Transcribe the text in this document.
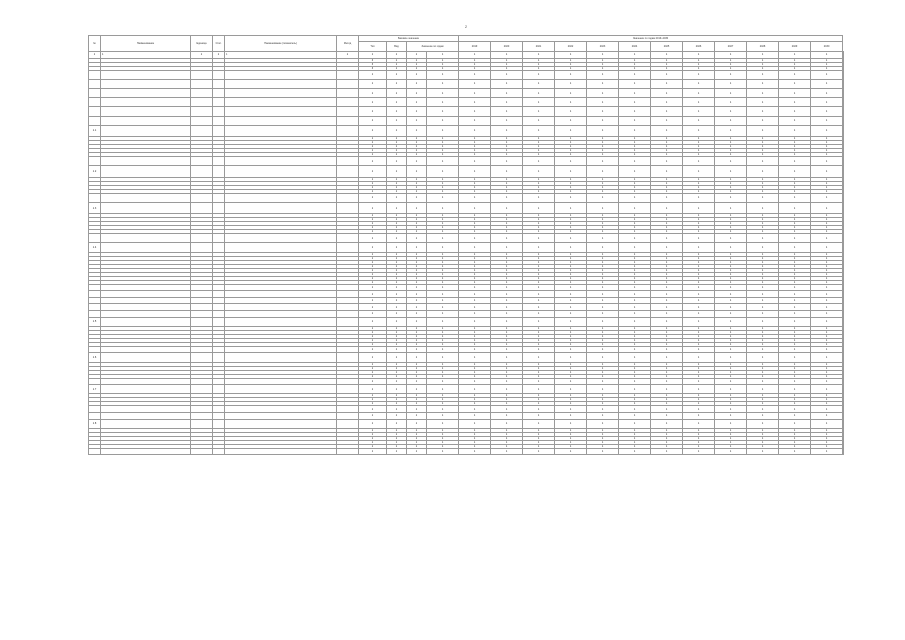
2
№	Наименование	Единица	Стат.	Наименование (показатель)	Метод	Базовое значение				Значение по годам 2019–2030												
						Тип	Вид	Значение по годам		2019	2020	2021	2022	2023	2024	2025	2026	2027	2028	2029	2030	
1	1	1	1	1	1	1	1	1	1	1	1	1	1	1	1	1	1	1	1	1	1	
						3	1	1	1	1	1	1	1	1	1	1	1	1	1	1	1	
						3	1	1	1	1	1	1	1	1	1	1	1	1	1	1	1	
						3	1	1	1	1	1	1	1	1	1	1	1	1	1	1	1	
						1	1	1	1	1	1	1	1	1	1	1	1	1	1	1	1	
						1	1	1	1	1	1	1	1	1	1	1	1	1	1	1	1	
						1	1	1	1	1	1	1	1	1	1	1	1	1	1	1	1	
						1	1	1	1	1	1	1	1	1	1	1	1	1	1	1	1	
						1	1	1	1	1	1	1	1	1	1	1	1	1	1	1	1	
						1	1	1	1	1	1	1	1	1	1	1	1	1	1	1	1	
1.1						1	1	1	1	1	1	1	1	1	1	1	1	1	1	1	1	
						1	1	1	1	1	1	1	1	1	1	1	1	1	1	1	1	
						1	1	1	1	1	1	1	1	1	1	1	1	1	1	1	1	
						1	1	1	1	1	1	1	1	1	1	1	1	1	1	1	1	
						1	1	1	1	1	1	1	1	1	1	1	1	1	1	1	1	
						1	1	1	1	1	1	1	1	1	1	1	1	1	1	1	1	
						1	1	1	1	1	1	1	1	1	1	1	1	1	1	1	1	
1.2						1	1	1	1	1	1	1	1	1	1	1	1	1	1	1	1	
						1	1	1	1	1	1	1	1	1	1	1	1	1	1	1	1	
						1	1	1	1	1	1	1	1	1	1	1	1	1	1	1	1	
						1	1	1	1	1	1	1	1	1	1	1	1	1	1	1	1	
						1	1	1	1	1	1	1	1	1	1	1	1	1	1	1	1	
						1	1	1	1	1	1	1	1	1	1	1	1	1	1	1	1	
1.3						1	1	1	1	1	1	1	1	1	1	1	1	1	1	1	1	
						1	1	1	1	1	1	1	1	1	1	1	1	1	1	1	1	
						1	1	1	1	1	1	1	1	1	1	1	1	1	1	1	1	
						1	1	1	1	1	1	1	1	1	1	1	1	1	1	1	1	
						1	1	1	1	1	1	1	1	1	1	1	1	1	1	1	1	
						1	1	1	1	1	1	1	1	1	1	1	1	1	1	1	1	
						1	1	1	1	1	1	1	1	1	1	1	1	1	1	1	1	
1.4						1	1	1	1	1	1	1	1	1	1	1	1	1	1	1	1	
						1	1	1	1	1	1	1	1	1	1	1	1	1	1	1	1	
						1	1	1	1	1	1	1	1	1	1	1	1	1	1	1	1	
						1	1	1	1	1	1	1	1	1	1	1	1	1	1	1	1	
						1	1	1	1	1	1	1	1	1	1	1	1	1	1	1	1	
						1	1	1	1	1	1	1	1	1	1	1	1	1	1	1	1	
						1	1	1	1	1	1	1	1	1	1	1	1	1	1	1	1	
						1	1	1	1	1	1	1	1	1	1	1	1	1	1	1	1	
						1	1	1	1	1	1	1	1	1	1	1	1	1	1	1	1	
						1	1	1	1	1	1	1	1	1	1	1	1	1	1	1	1	
						1	1	1	1	1	1	1	1	1	1	1	1	1	1	1	1	
						1	1	1	1	1	1	1	1	1	1	1	1	1	1	1	1	
						1	1	1	1	1	1	1	1	1	1	1	1	1	1	1	1	
						1	1	1	1	1	1	1	1	1	1	1	1	1	1	1	1	
1.5						1	1	1	1	1	1	1	1	1	1	1	1	1	1	1	1	
						1	1	1	1	1	1	1	1	1	1	1	1	1	1	1	1	
						1	1	1	1	1	1	1	1	1	1	1	1	1	1	1	1	
						1	1	1	1	1	1	1	1	1	1	1	1	1	1	1	1	
						1	1	1	1	1	1	1	1	1	1	1	1	1	1	1	1	
						1	1	1	1	1	1	1	1	1	1	1	1	1	1	1	1	
						1	1	1	1	1	1	1	1	1	1	1	1	1	1	1	1	
1.6						1	1	1	1	1	1	1	1	1	1	1	1	1	1	1	1	
						1	1	1	1	1	1	1	1	1	1	1	1	1	1	1	1	
						1	1	1	1	1	1	1	1	1	1	1	1	1	1	1	1	
						1	1	1	1	1	1	1	1	1	1	1	1	1	1	1	1	
						1	1	1	1	1	1	1	1	1	1	1	1	1	1	1	1	
						1	1	1	1	1	1	1	1	1	1	1	1	1	1	1	1	
1.7						1	1	1	1	1	1	1	1	1	1	1	1	1	1	1	1	
						1	1	1	1	1	1	1	1	1	1	1	1	1	1	1	1	
						1	1	1	1	1	1	1	1	1	1	1	1	1	1	1	1	
						1	1	1	1	1	1	1	1	1	1	1	1	1	1	1	1	
						1	1	1	1	1	1	1	1	1	1	1	1	1	1	1	1	
						1	1	1	1	1	1	1	1	1	1	1	1	1	1	1	1	
1.8						1	1	1	1	1	1	1	1	1	1	1	1	1	1	1	1	
						1	1	1	1	1	1	1	1	1	1	1	1	1	1	1	1	
						1	1	1	1	1	1	1	1	1	1	1	1	1	1	1	1	
						1	1	1	1	1	1	1	1	1	1	1	1	1	1	1	1	
						1	1	1	1	1	1	1	1	1	1	1	1	1	1	1	1	
						1	1	1	1	1	1	1	1	1	1	1	1	1	1	1	1	
						1	1	1	1	1	1	1	1	1	1	1	1	1	1	1	1	
